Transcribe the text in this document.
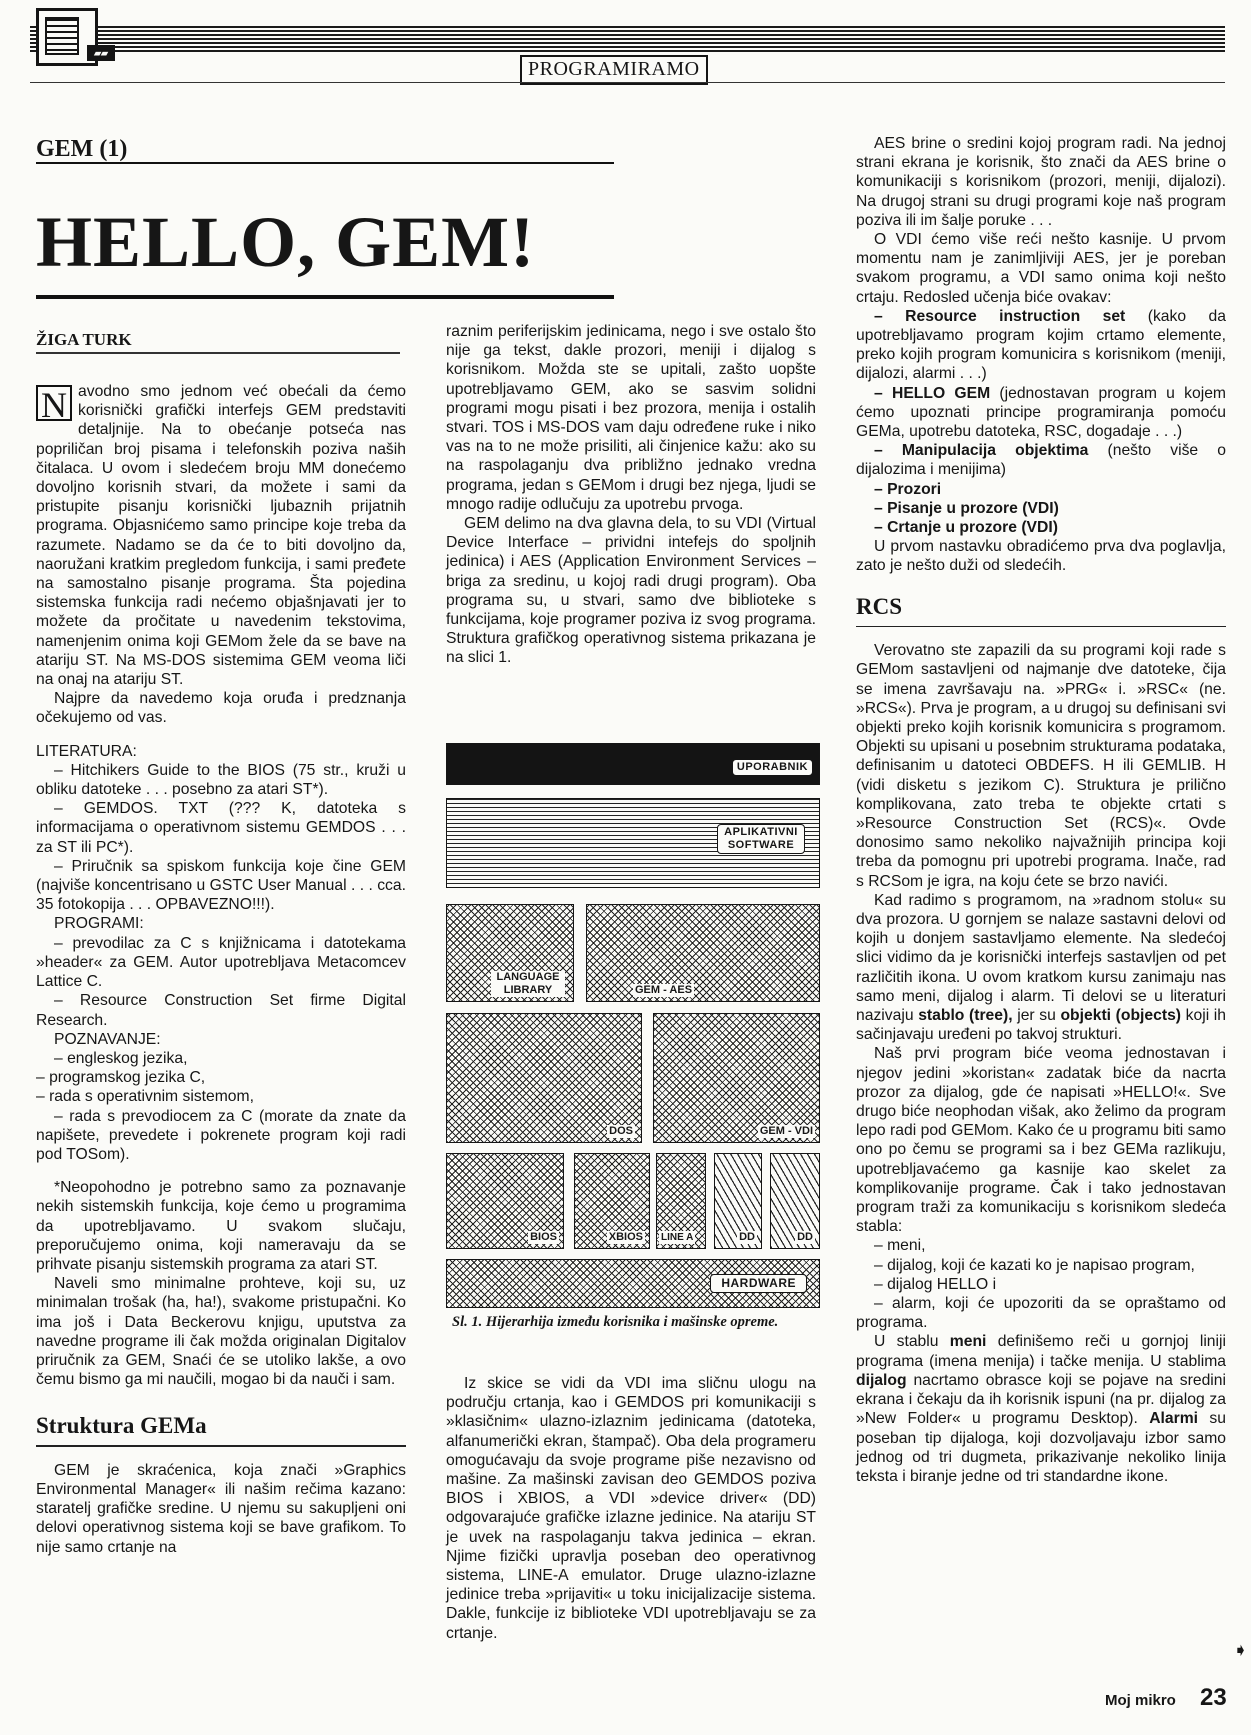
▰▰
PROGRAMIRAMO
GEM (1)
HELLO, GEM!
ŽIGA TURK

N avodno smo jednom već obećali da ćemo korisnički grafički interfejs GEM predstaviti detaljnije. Na to obećanje potseća nas popriličan broj pisama i telefonskih poziva naših čitalaca. U ovom i sledećem broju MM donećemo dovoljno korisnih stvari, da možete i sami da pristupite pisanju korisnički ljubaznih prijatnih programa. Objasnićemo samo principe koje treba da razumete. Nadamo se da će to biti dovoljno da, naoružani kratkim pregledom funkcija, i sami pređete na samostalno pisanje programa. Šta pojedina sistemska funkcija radi nećemo objašnjavati jer to možete da pročitate u navedenim tekstovima, namenjenim onima koji GEMom žele da se bave na atariju ST. Na MS-DOS sistemima GEM veoma liči na onaj na atariju ST.

Najpre da navedemo koja oruđa i predznanja očekujemo od vas.

LITERATURA:

– Hitchikers Guide to the BIOS (75 str., kruži u obliku datoteke . . . posebno za atari ST*).

– GEMDOS. TXT (??? K, datoteka s informacijama o operativnom sistemu GEMDOS . . . za ST ili PC*).

– Priručnik sa spiskom funkcija koje čine GEM (najviše koncentrisano u GSTC User Manual . . . cca. 35 fotokopija . . . OPBAVEZNO!!!).

PROGRAMI:

– prevodilac za C s knjižnicama i datotekama »header« za GEM. Autor upotrebljava Metacomcev Lattice C.

– Resource Construction Set firme Digital Research.

POZNAVANJE:

– engleskog jezika,

– programskog jezika C,

– rada s operativnim sistemom,

– rada s prevodiocem za C (morate da znate da napišete, prevedete i pokrenete program koji radi pod TOSom).

*Neopohodno je potrebno samo za poznavanje nekih sistemskih funkcija, koje ćemo u programima da upotrebljavamo. U svakom slučaju, preporučujemo onima, koji nameravaju da se prihvate pisanju sistemskih programa za atari ST.

Naveli smo minimalne prohteve, koji su, uz minimalan trošak (ha, ha!), svakome pristupačni. Ko ima još i Data Beckerovu knjigu, uputstva za navedne programe ili čak možda originalan Digitalov priručnik za GEM, Snaći će se utoliko lakše, a ovo čemu bismo ga mi naučili, mogao bi da nauči i sam.

Struktura GEMa

GEM je skraćenica, koja znači »Graphics Environmental Manager« ili našim rečima kazano: staratelj grafičke sredine. U njemu su sakupljeni oni delovi operativnog sistema koji se bave grafikom. To nije samo crtanje na

raznim periferijskim jedinicama, nego i sve ostalo što nije ga tekst, dakle prozori, meniji i dijalog s korisnikom. Možda ste se upitali, zašto uopšte upotrebljavamo GEM, ako se sasvim solidni programi mogu pisati i bez prozora, menija i ostalih stvari. TOS i MS-DOS vam daju određene ruke i niko vas na to ne može prisiliti, ali činjenice kažu: ako su na raspolaganju dva približno jednako vredna programa, jedan s GEMom i drugi bez njega, ljudi se mnogo radije odlučuju za upotrebu prvoga.

GEM delimo na dva glavna dela, to su VDI (Virtual Device Interface – prividni intefejs do spoljnih jedinica) i AES (Application Environment Services – briga za sredinu, u kojoj radi drugi program). Oba programa su, u stvari, samo dve biblioteke s funkcijama, koje programer poziva iz svog programa. Struktura grafičkog operativnog sistema prikazana je na slici 1.

UPORABNIK
APLIKATIVNI SOFTWARE
LANGUAGE LIBRARY	GEM - AES
DOS	GEM - VDI
BIOS	XBIOS LINE A	DD	DD
HARDWARE
Sl. 1. Hijerarhija između korisnika i mašinske opreme.

Iz skice se vidi da VDI ima sličnu ulogu na području crtanja, kao i GEMDOS pri komunikaciji s »klasičnim« ulazno-izlaznim jedinicama (datoteka, alfanumerički ekran, štampač). Oba dela programeru omogućavaju da svoje programe piše nezavisno od mašine. Za mašinski zavisan deo GEMDOS poziva BIOS i XBIOS, a VDI »device driver« (DD) odgovarajuće grafičke izlazne jedinice. Na atariju ST je uvek na raspolaganju takva jedinica – ekran. Njime fizički upravlja poseban deo operativnog sistema, LINE-A emulator. Druge ulazno-izlazne jedinice treba »prijaviti« u toku inicijalizacije sistema. Dakle, funkcije iz biblioteke VDI upotrebljavaju se za crtanje.

AES brine o sredini kojoj program radi. Na jednoj strani ekrana je korisnik, što znači da AES brine o komunikaciji s korisnikom (prozori, meniji, dijalozi). Na drugoj strani su drugi programi koje naš program poziva ili im šalje poruke . . .

O VDI ćemo više reći nešto kasnije. U prvom momentu nam je zanimljiviji AES, jer je poreban svakom programu, a VDI samo onima koji nešto crtaju. Redosled učenja biće ovakav:

– Resource instruction set (kako da upotrebljavamo program kojim crtamo elemente, preko kojih program komunicira s korisnikom (meniji, dijalozi, alarmi . . .)

– HELLO GEM (jednostavan program u kojem ćemo upoznati principe programiranja pomoću GEMa, upotrebu datoteka, RSC, dogadaje . . .)

– Manipulacija objektima (nešto više o dijalozima i menijima)

– Prozori

– Pisanje u prozore (VDI)

– Crtanje u prozore (VDI)

U prvom nastavku obradićemo prva dva poglavlja, zato je nešto duži od sledećih.

RCS

Verovatno ste zapazili da su programi koji rade s GEMom sastavljeni od najmanje dve datoteke, čija se imena završavaju na. »PRG« i. »RSC« (ne. »RCS«). Prva je program, a u drugoj su definisani svi objekti preko kojih korisnik komunicira s programom. Objekti su upisani u posebnim strukturama podataka, definisanim u datoteci OBDEFS. H ili GEMLIB. H (vidi disketu s jezikom C). Struktura je prilično komplikovana, zato treba te objekte crtati s »Resource Construction Set (RCS)«. Ovde donosimo samo nekoliko najvažnijih principa koji treba da pomognu pri upotrebi programa. Inače, rad s RCSom je igra, na koju ćete se brzo navići.

Kad radimo s programom, na »radnom stolu« su dva prozora. U gornjem se nalaze sastavni delovi od kojih u donjem sastavljamo elemente. Na sledećoj slici vidimo da je korisnički interfejs sastavljen od pet različitih ikona. U ovom kratkom kursu zanimaju nas samo meni, dijalog i alarm. Ti delovi se u literaturi nazivaju stablo (tree), jer su objekti (objects) koji ih sačinjavaju uređeni po takvoj strukturi.

Naš prvi program biće veoma jednostavan i njegov jedini »koristan« zadatak biće da nacrta prozor za dijalog, gde će napisati »HELLO!«. Sve drugo biće neophodan višak, ako želimo da program lepo radi pod GEMom. Kako će u programu biti samo ono po čemu se programi sa i bez GEMa razlikuju, upotrebljavaćemo ga kasnije kao skelet za komplikovanije programe. Čak i tako jednostavan program traži za komunikaciju s korisnikom sledeća stabla:

– meni,

– dijalog, koji će kazati ko je napisao program,

– dijalog HELLO i

– alarm, koji će upozoriti da se opraštamo od programa.

U stablu meni definišemo reči u gornjoj liniji programa (imena menija) i tačke menija. U stablima dijalog nacrtamo obrasce koji se pojave na sredini ekrana i čekaju da ih korisnik ispuni (na pr. dijalog za »New Folder« u programu Desktop). Alarmi su poseban tip dijaloga, koji dozvoljavaju izbor samo jednog od tri dugmeta, prikazivanje nekoliko linija teksta i biranje jedne od tri standardne ikone.

➧
Moj mikro 23
